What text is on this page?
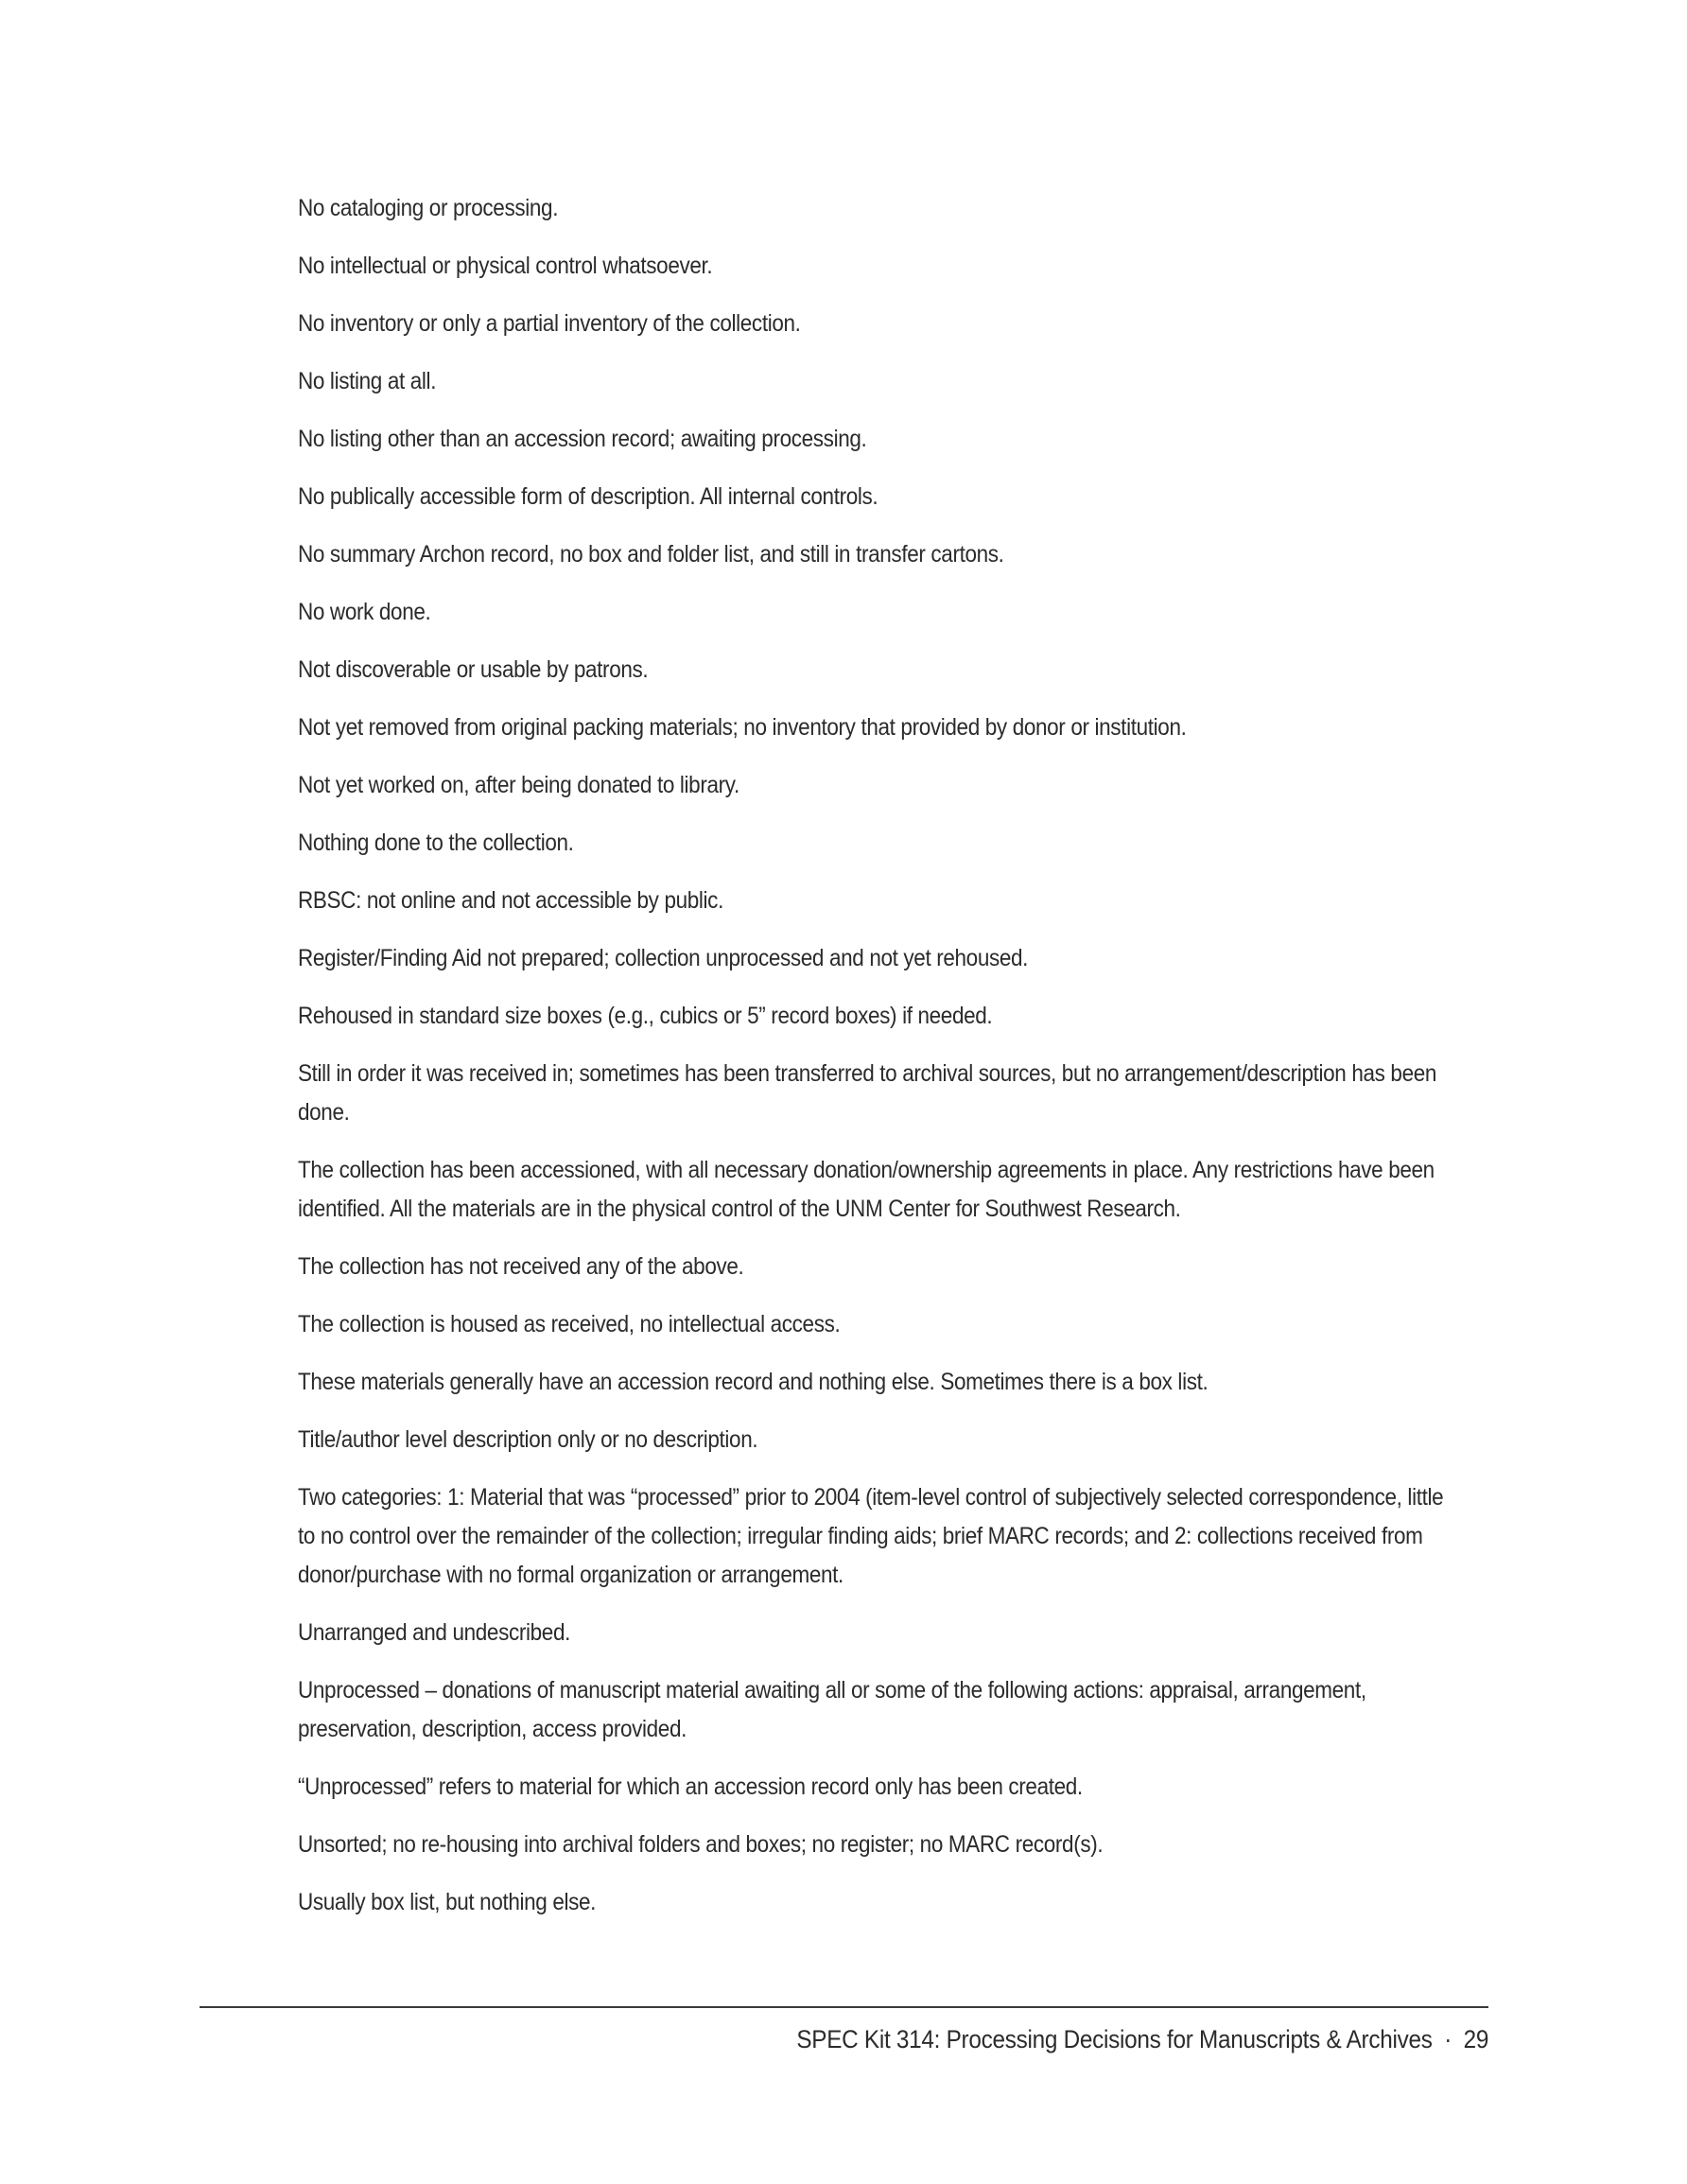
No cataloging or processing.
No intellectual or physical control whatsoever.
No inventory or only a partial inventory of the collection.
No listing at all.
No listing other than an accession record; awaiting processing.
No publically accessible form of description. All internal controls.
No summary Archon record, no box and folder list, and still in transfer cartons.
No work done.
Not discoverable or usable by patrons.
Not yet removed from original packing materials; no inventory that provided by donor or institution.
Not yet worked on, after being donated to library.
Nothing done to the collection.
RBSC: not online and not accessible by public.
Register/Finding Aid not prepared; collection unprocessed and not yet rehoused.
Rehoused in standard size boxes (e.g., cubics or 5” record boxes) if needed.
Still in order it was received in; sometimes has been transferred to archival sources, but no arrangement/description has been done.
The collection has been accessioned, with all necessary donation/ownership agreements in place. Any restrictions have been identified. All the materials are in the physical control of the UNM Center for Southwest Research.
The collection has not received any of the above.
The collection is housed as received, no intellectual access.
These materials generally have an accession record and nothing else. Sometimes there is a box list.
Title/author level description only or no description.
Two categories: 1: Material that was “processed” prior to 2004 (item-level control of subjectively selected correspondence, little to no control over the remainder of the collection; irregular finding aids; brief MARC records; and 2: collections received from donor/purchase with no formal organization or arrangement.
Unarranged and undescribed.
Unprocessed – donations of manuscript material awaiting all or some of the following actions: appraisal, arrangement, preservation, description, access provided.
“Unprocessed” refers to material for which an accession record only has been created.
Unsorted; no re-housing into archival folders and boxes; no register; no MARC record(s).
Usually box list, but nothing else.
SPEC Kit 314: Processing Decisions for Manuscripts & Archives · 29
